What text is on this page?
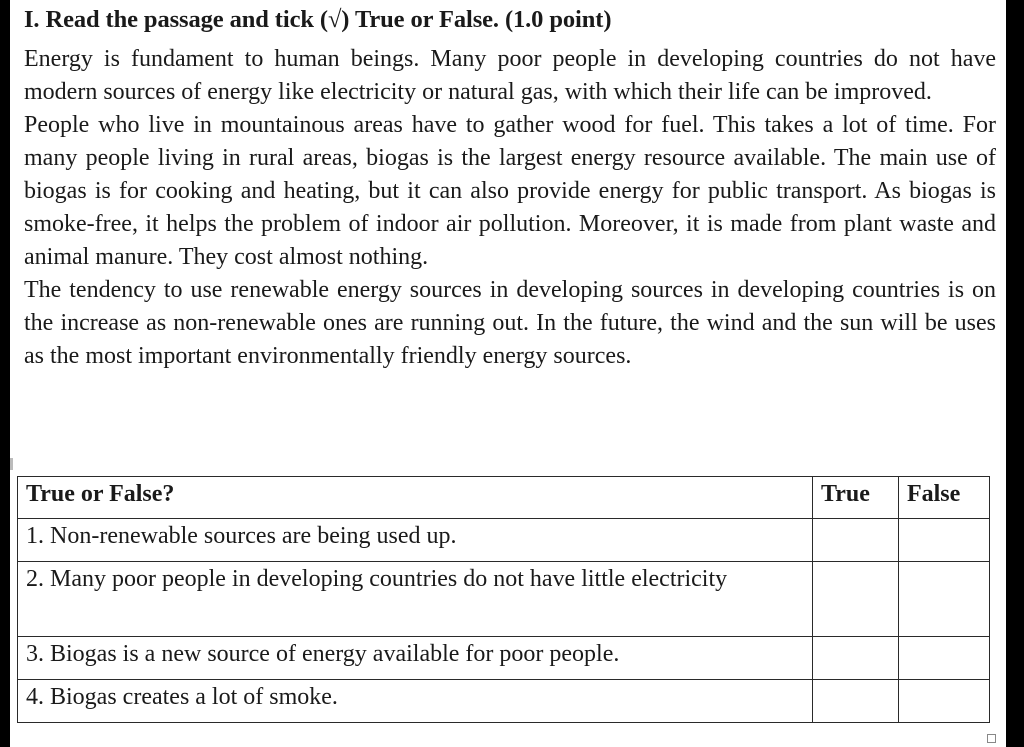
I. Read the passage and tick (√) True or False. (1.0 point)

Energy is fundament to human beings. Many poor people in developing countries do not have modern sources of energy like electricity or natural gas, with which their life can be improved.

People who live in mountainous areas have to gather wood for fuel. This takes a lot of time. For many people living in rural areas, biogas is the largest energy resource available. The main use of biogas is for cooking and heating, but it can also provide energy for public transport. As biogas is smoke-free, it helps the problem of indoor air pollution. Moreover, it is made from plant waste and animal manure. They cost almost nothing.

The tendency to use renewable energy sources in developing sources in developing countries is on the increase as non-renewable ones are running out. In the future, the wind and the sun will be uses as the most important environmentally friendly energy sources.

True or False?	True	False
1. Non-renewable sources are being used up.		
2. Many poor people in developing countries do not have little electricity		
3. Biogas is a new source of energy available for poor people.		
4. Biogas creates a lot of smoke.		
